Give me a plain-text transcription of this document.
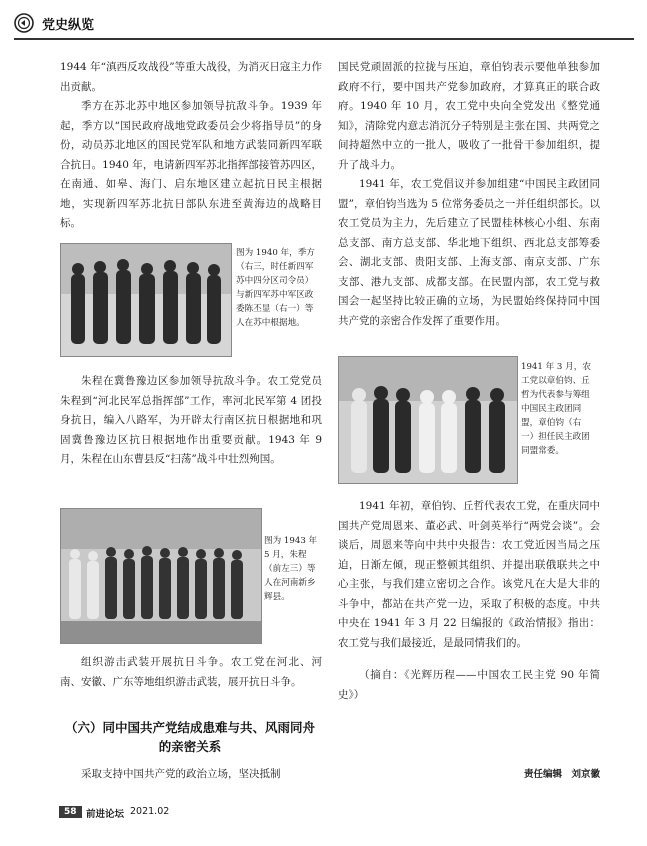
党史纵览

1944 年“滇西反攻战役”等重大战役，为消灭日寇主力作出贡献。

季方在苏北苏中地区参加领导抗敌斗争。1939 年起，季方以“国民政府战地党政委员会少将指导员”的身份，动员苏北地区的国民党军队和地方武装同新四军联合抗日。1940 年，电请新四军苏北指挥部接管苏四区，在南通、如皋、海门、启东地区建立起抗日民主根据地，实现新四军苏北抗日部队东进至黄海边的战略目标。

图为 1940 年，季方（右三，时任新四军苏中四分区司令员）与新四军苏中军区政委陈丕显（右一）等人在苏中根据地。

朱程在冀鲁豫边区参加领导抗敌斗争。农工党党员朱程到“河北民军总指挥部”工作，率河北民军第 4 团投身抗日，编入八路军，为开辟太行南区抗日根据地和巩固冀鲁豫边区抗日根据地作出重要贡献。1943 年 9 月，朱程在山东曹县反“扫荡”战斗中壮烈殉国。

图为 1943 年 5 月，朱程（前左三）等人在河南新乡辉县。

组织游击武装开展抗日斗争。农工党在河北、河南、安徽、广东等地组织游击武装，展开抗日斗争。

（六）同中国共产党结成患难与共、风雨同舟的亲密关系

采取支持中国共产党的政治立场，坚决抵制

国民党顽固派的拉拢与压迫，章伯钧表示要他单独参加政府不行，要中国共产党参加政府，才算真正的联合政府。1940 年 10 月，农工党中央向全党发出《整党通知》，清除党内意志消沉分子特别是主张在国、共两党之间持超然中立的一批人，吸收了一批骨干参加组织，提升了战斗力。

1941 年，农工党倡议并参加组建“中国民主政团同盟”，章伯钧当选为 5 位常务委员之一并任组织部长。以农工党员为主力，先后建立了民盟桂林核心小组、东南总支部、南方总支部、华北地下组织、西北总支部筹委会、湖北支部、贵阳支部、上海支部、南京支部、广东支部、港九支部、成都支部。在民盟内部，农工党与救国会一起坚持比较正确的立场，为民盟始终保持同中国共产党的亲密合作发挥了重要作用。

1941 年 3 月，农工党以章伯钧、丘哲为代表参与筹组中国民主政团同盟，章伯钧（右一）担任民主政团同盟常委。

1941 年初，章伯钧、丘哲代表农工党，在重庆同中国共产党周恩来、董必武、叶剑英举行“两党会谈”。会谈后，周恩来等向中共中央报告：农工党近因当局之压迫，日渐左倾，现正整顿其组织、并提出联俄联共之中心主张，与我们建立密切之合作。该党凡在大是大非的斗争中，都站在共产党一边，采取了积极的态度。中共中央在 1941 年 3 月 22 日编报的《政治情报》指出：农工党与我们最接近，是最同情我们的。

（摘自：《光辉历程——中国农工民主党 90 年简史》）

责任编辑　刘京徽
58 前进论坛 2021.02
